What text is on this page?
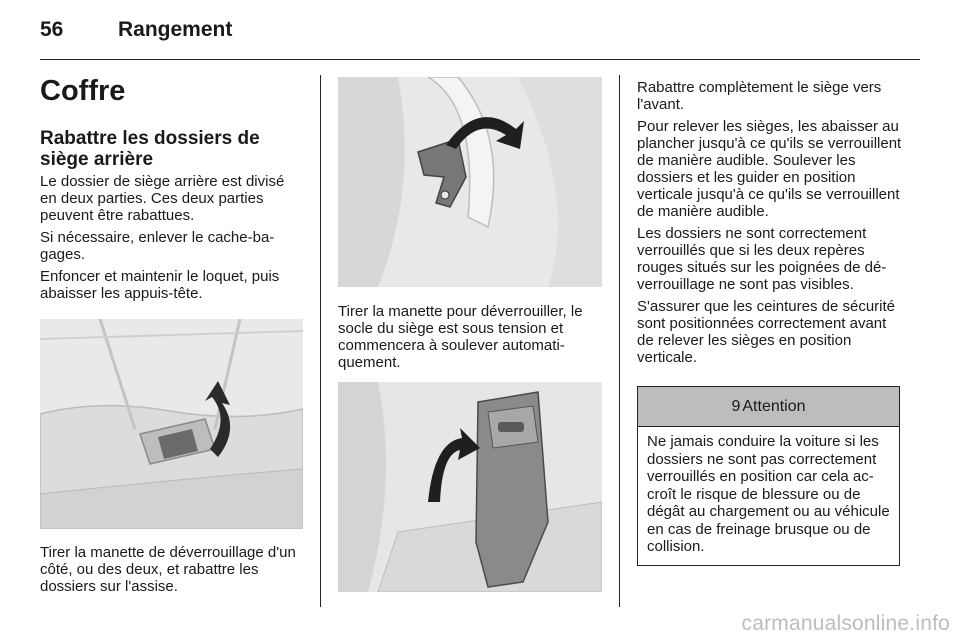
56	Rangement
Coffre
Rabattre les dossiers de siège arrière

Le dossier de siège arrière est divisé en deux parties. Ces deux parties peuvent être rabattues.

Si nécessaire, enlever le cache-bagages.

Enfoncer et maintenir le loquet, puis abaisser les appuis-tête.

Tirer la manette de déverrouillage d'un côté, ou des deux, et rabattre les dossiers sur l'assise.

Tirer la manette pour déverrouiller, le socle du siège est sous tension et commencera à soulever automatiquement.

Rabattre complètement le siège vers l'avant.

Pour relever les sièges, les abaisser au plancher jusqu'à ce qu'ils se verrouillent de manière audible. Soulever les dossiers et les guider en position verticale jusqu'à ce qu'ils se verrouillent de manière audible.

Les dossiers ne sont correctement verrouillés que si les deux repères rouges situés sur les poignées de déverrouillage ne sont pas visibles.

S'assurer que les ceintures de sécurité sont positionnées correctement avant de relever les sièges en position verticale.

9 Attention
Ne jamais conduire la voiture si les dossiers ne sont pas correctement verrouillés en position car cela accroît le risque de blessure ou de dégât au chargement ou au véhicule en cas de freinage brusque ou de collision.
carmanualsonline.info
